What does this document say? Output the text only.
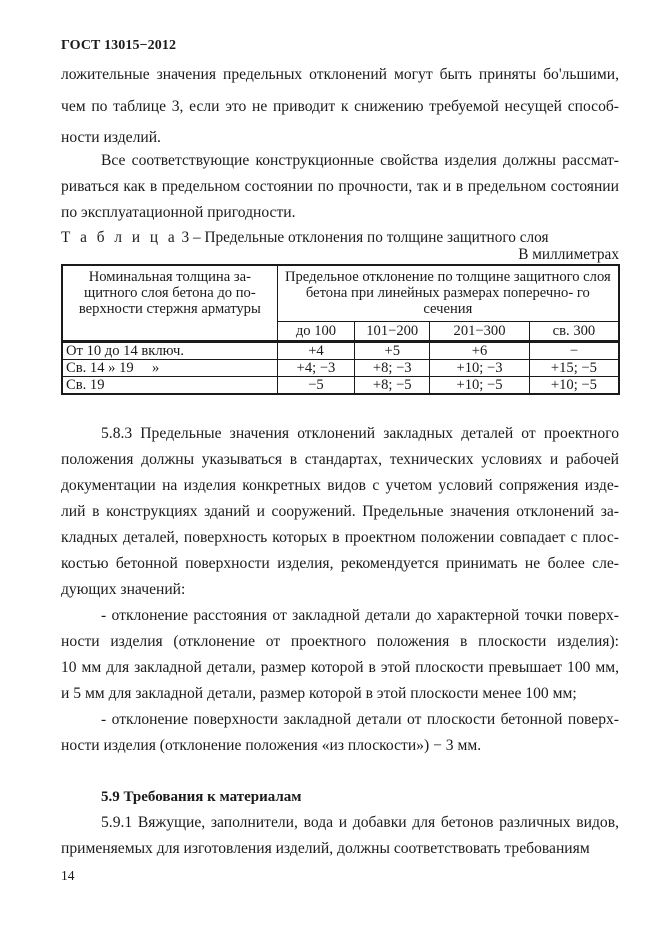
ГОСТ 13015−2012
ложительные значения предельных отклонений могут быть приняты бо'льшими,
чем по таблице 3, если это не приводит к снижению требуемой несущей способ-
ности изделий.
Все соответствующие конструкционные свойства изделия должны рассмат-
риваться как в предельном состоянии по прочности, так и в предельном состоянии
по эксплуатационной пригодности.
Т а б л и ц а 3 – Предельные отклонения по толщине защитного слоя
В миллиметрах
Номинальная толщина за- щитного слоя бетона до по- верхности стержня арматуры	Предельное отклонение по толщине защитного слоя бетона при линейных размерах поперечно- го сечения			
	до 100	101−200	201−300	св. 300
От 10 до 14 включ.	+4	+5	+6	−
Св. 14 » 19     »	+4; −3	+8; −3	+10; −3	+15; −5
Св. 19	−5	+8; −5	+10; −5	+10; −5
5.8.3 Предельные значения отклонений закладных деталей от проектного
положения должны указываться в стандартах, технических условиях и рабочей
документации на изделия конкретных видов с учетом условий сопряжения изде-
лий в конструкциях зданий и сооружений. Предельные значения отклонений за-
кладных деталей, поверхность которых в проектном положении совпадает с плос-
костью бетонной поверхности изделия, рекомендуется принимать не более сле-
дующих значений:
- отклонение расстояния от закладной детали до характерной точки поверх-
ности изделия (отклонение от проектного положения в плоскости изделия):
10 мм для закладной детали, размер которой в этой плоскости превышает 100 мм,
и 5 мм для закладной детали, размер которой в этой плоскости менее 100 мм;
- отклонение поверхности закладной детали от плоскости бетонной поверх-
ности изделия (отклонение положения «из плоскости») − 3 мм.
5.9 Требования к материалам
5.9.1 Вяжущие, заполнители, вода и добавки для бетонов различных видов,
применяемых для изготовления изделий, должны соответствовать требованиям
14
